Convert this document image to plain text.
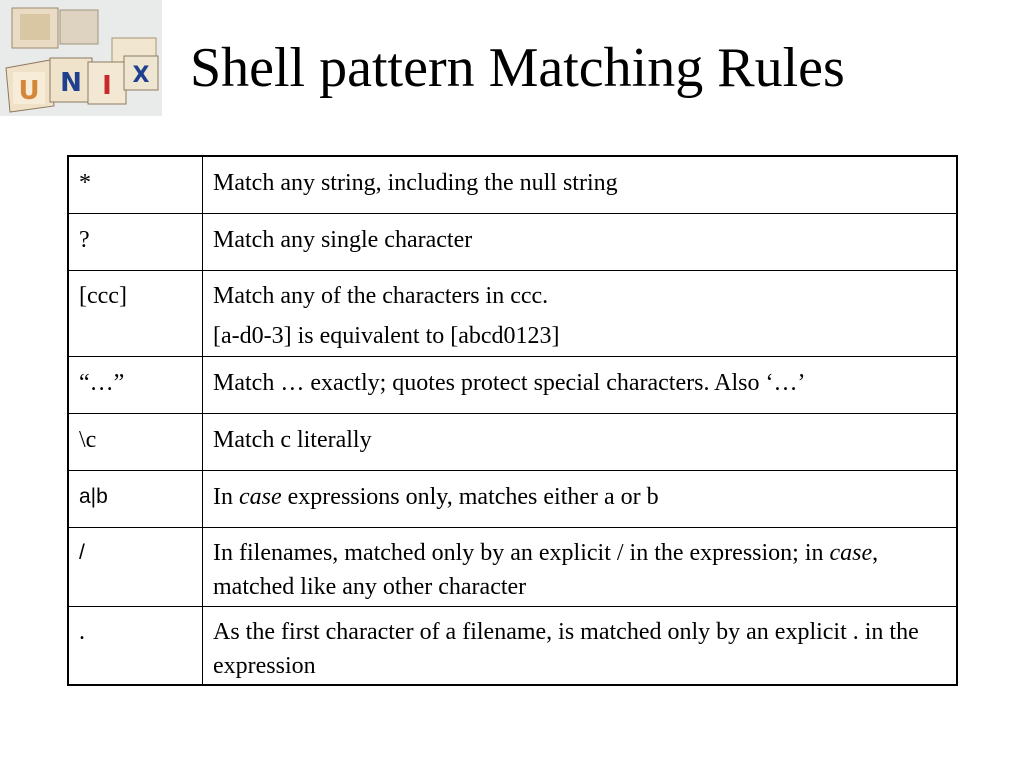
U N I X Shell pattern Matching Rules
*	Match any string, including the null string
?	Match any single character
[ccc]	Match any of the characters in ccc.
[a-d0-3] is equivalent to [abcd0123]

“…”	Match … exactly; quotes protect special characters. Also ‘…’
\c	Match c literally
a|b	In case expressions only, matches either a or b
/	In filenames, matched only by an explicit / in the expression; in case, matched like any other character
.	As the first character of a filename, is matched only by an explicit . in the expression
